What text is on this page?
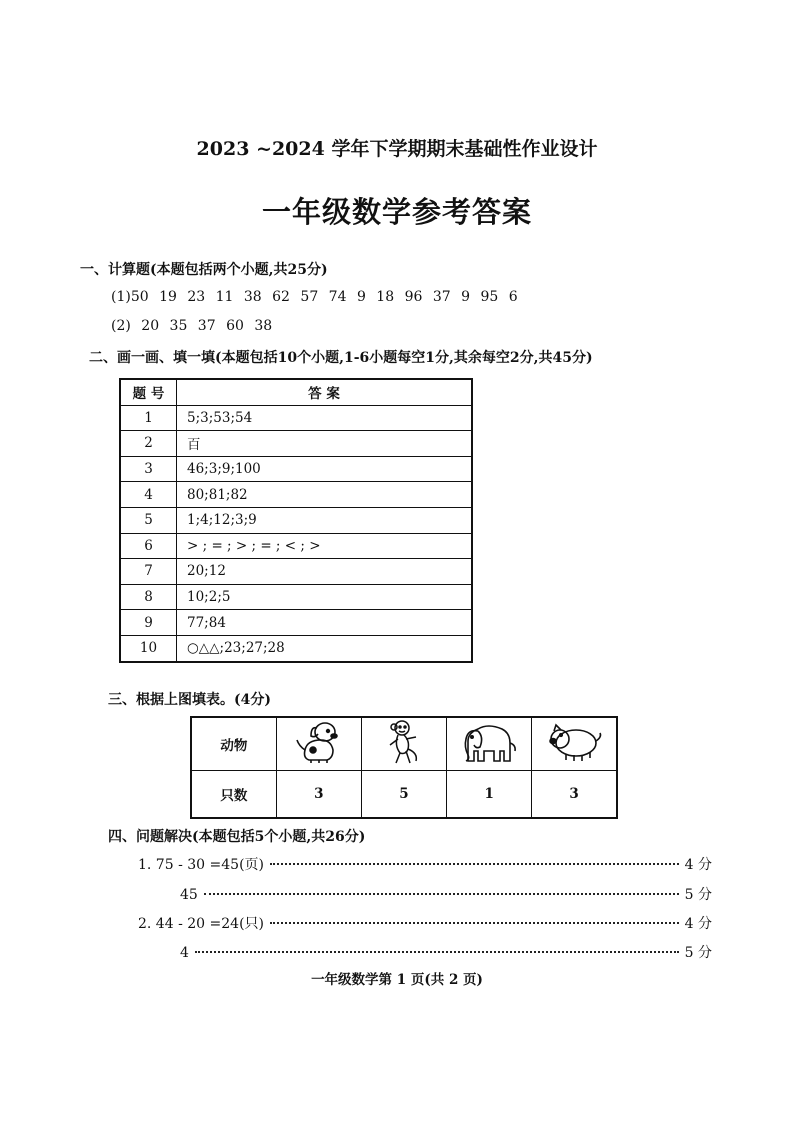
2023 ~2024 学年下学期期末基础性作业设计
一年级数学参考答案
一、计算题(本题包括两个小题,共25分)
(1)50 19 23 11 38 62 57 74 9 18 96 37 9 95 6
(2) 20 35 37 60 38
二、画一画、填一填(本题包括10个小题,1-6小题每空1分,其余每空2分,共45分)
题 号	答 案
1	5;3;53;54
2	百
3	46;3;9;100
4	80;81;82
5	1;4;12;3;9
6	> ; = ; > ; = ; < ; >
7	20;12
8	10;2;5
9	77;84
10	○△△;23;27;28
三、根据上图填表。(4分)
动物				
只数	3	5	1	3
四、问题解决(本题包括5个小题,共26分)
1. 75 - 30 =45(页)	4 分
45	5 分
2. 44 - 20 =24(只)	4 分
4	5 分
一年级数学第 1 页(共 2 页)
